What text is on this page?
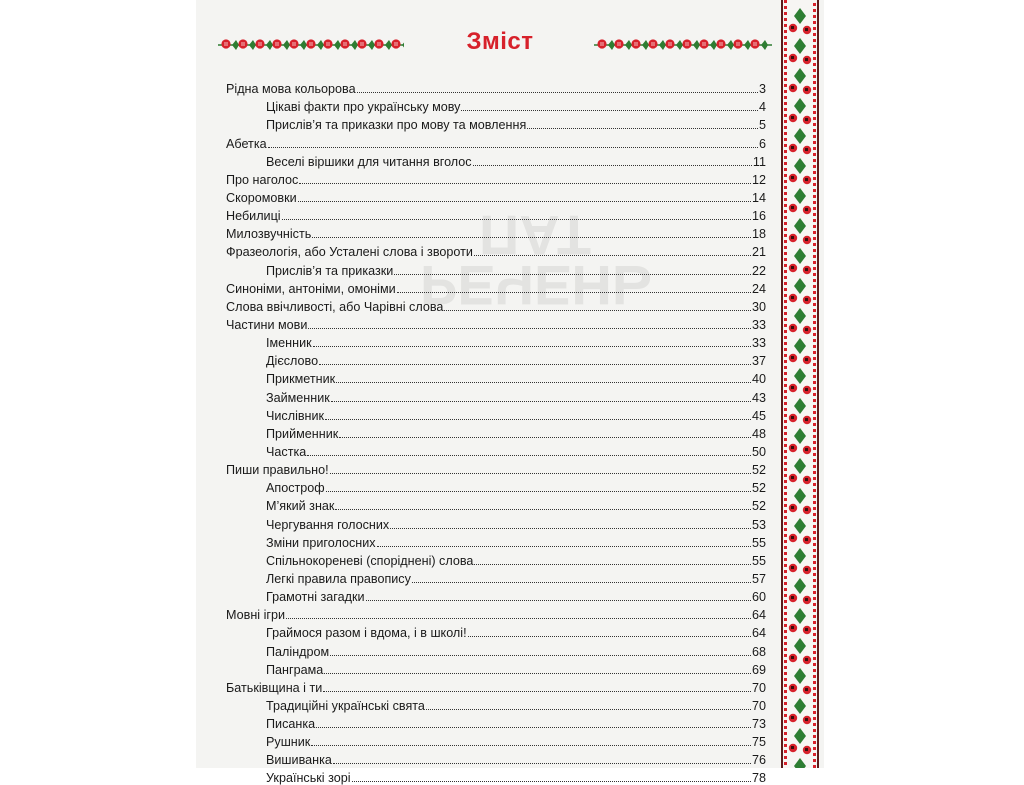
РЕЧЕНЬ
ПАТ
Зміст
Рідна мова кольорова	3
Цікаві факти про українську мову	4
Прислів’я та приказки про мову та мовлення	5
Абетка	6
Веселі віршики для читання вголос	11
Про наголос	12
Скоромовки	14
Небилиці	16
Милозвучність	18
Фразеологія, або Усталені слова і звороти	21
Прислів’я та приказки	22
Синоніми, антоніми, омоніми	24
Слова ввічливості, або Чарівні слова	30
Частини мови	33
Іменник	33
Дієслово	37
Прикметник	40
Займенник	43
Числівник	45
Прийменник	48
Частка	50
Пиши правильно!	52
Апостроф	52
М’який знак	52
Чергування голосних	53
Зміни приголосних	55
Спільнокореневі (споріднені) слова	55
Легкі правила правопису	57
Грамотні загадки	60
Мовні ігри	64
Граймося разом і вдома, і в школі!	64
Паліндром	68
Панграма	69
Батьківщина і ти	70
Традиційні українські свята	70
Писанка	73
Рушник	75
Вишиванка	76
Українські зорі	78
